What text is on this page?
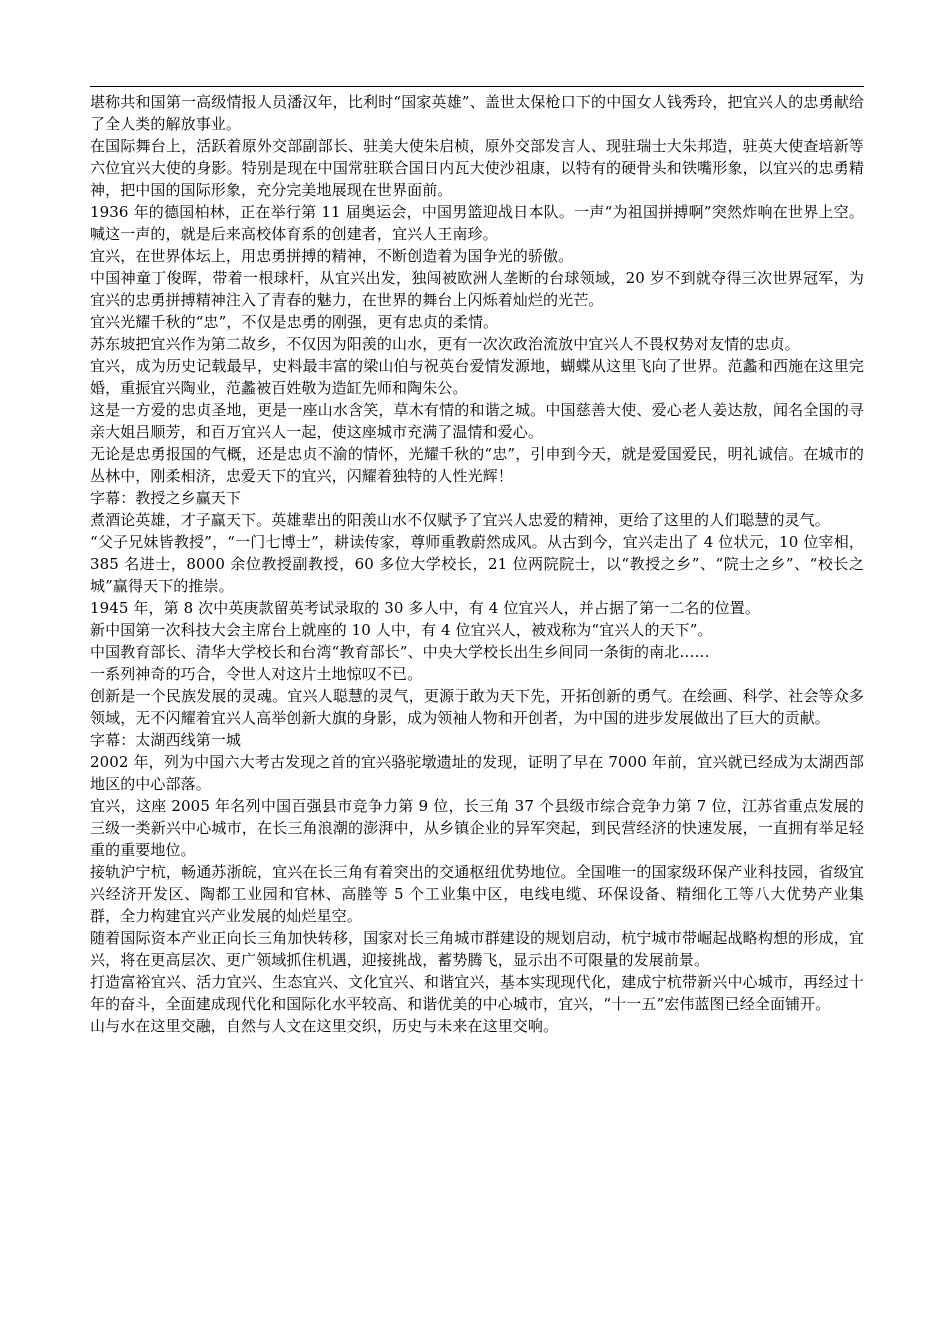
堪称共和国第一高级情报人员潘汉年，比利时“国家英雄”、盖世太保枪口下的中国女人钱秀玲，把宜兴人的忠勇献给了全人类的解放事业。

在国际舞台上，活跃着原外交部副部长、驻美大使朱启桢，原外交部发言人、现驻瑞士大朱邦造，驻英大使查培新等六位宜兴大使的身影。特别是现在中国常驻联合国日内瓦大使沙祖康，以特有的硬骨头和铁嘴形象，以宜兴的忠勇精神，把中国的国际形象，充分完美地展现在世界面前。

1936 年的德国柏林，正在举行第 11 届奥运会，中国男篮迎战日本队。一声“为祖国拼搏啊”突然炸响在世界上空。喊这一声的，就是后来高校体育系的创建者，宜兴人王南珍。

宜兴，在世界体坛上，用忠勇拼搏的精神，不断创造着为国争光的骄傲。

中国神童丁俊晖，带着一根球杆，从宜兴出发，独闯被欧洲人垄断的台球领域，20 岁不到就夺得三次世界冠军，为宜兴的忠勇拼搏精神注入了青春的魅力，在世界的舞台上闪烁着灿烂的光芒。

宜兴光耀千秋的“忠”，不仅是忠勇的刚强，更有忠贞的柔情。

苏东坡把宜兴作为第二故乡，不仅因为阳羡的山水，更有一次次政治流放中宜兴人不畏权势对友情的忠贞。

宜兴，成为历史记载最早，史料最丰富的梁山伯与祝英台爱情发源地，蝴蝶从这里飞向了世界。范蠡和西施在这里完婚，重振宜兴陶业，范蠡被百姓敬为造缸先师和陶朱公。

这是一方爱的忠贞圣地，更是一座山水含笑，草木有情的和谐之城。中国慈善大使、爱心老人姜达敖，闻名全国的寻亲大姐吕顺芳，和百万宜兴人一起，使这座城市充满了温情和爱心。

无论是忠勇报国的气概，还是忠贞不渝的情怀，光耀千秋的“忠”，引申到今天，就是爱国爱民，明礼诚信。在城市的丛林中，刚柔相济，忠爱天下的宜兴，闪耀着独特的人性光辉！

字幕：教授之乡赢天下

煮酒论英雄，才子赢天下。英雄辈出的阳羡山水不仅赋予了宜兴人忠爱的精神，更给了这里的人们聪慧的灵气。

“父子兄妹皆教授”，“一门七博士”，耕读传家，尊师重教蔚然成风。从古到今，宜兴走出了 4 位状元，10 位宰相，385 名进士，8000 余位教授副教授，60 多位大学校长，21 位两院院士，以“教授之乡”、“院士之乡”、“校长之城”赢得天下的推崇。

1945 年，第 8 次中英庚款留英考试录取的 30 多人中，有 4 位宜兴人，并占据了第一二名的位置。

新中国第一次科技大会主席台上就座的 10 人中，有 4 位宜兴人，被戏称为“宜兴人的天下”。

中国教育部长、清华大学校长和台湾“教育部长”、中央大学校长出生乡间同一条街的南北……

一系列神奇的巧合，令世人对这片土地惊叹不已。

创新是一个民族发展的灵魂。宜兴人聪慧的灵气，更源于敢为天下先，开拓创新的勇气。在绘画、科学、社会等众多领域，无不闪耀着宜兴人高举创新大旗的身影，成为领袖人物和开创者，为中国的进步发展做出了巨大的贡献。

字幕：太湖西线第一城

2002 年，列为中国六大考古发现之首的宜兴骆驼墩遗址的发现，证明了早在 7000 年前，宜兴就已经成为太湖西部地区的中心部落。

宜兴，这座 2005 年名列中国百强县市竞争力第 9 位，长三角 37 个县级市综合竞争力第 7 位，江苏省重点发展的三级一类新兴中心城市，在长三角浪潮的澎湃中，从乡镇企业的异军突起，到民营经济的快速发展，一直拥有举足轻重的重要地位。

接轨沪宁杭，畅通苏浙皖，宜兴在长三角有着突出的交通枢纽优势地位。全国唯一的国家级环保产业科技园，省级宜兴经济开发区、陶都工业园和官林、高塍等 5 个工业集中区，电线电缆、环保设备、精细化工等八大优势产业集群，全力构建宜兴产业发展的灿烂星空。

随着国际资本产业正向长三角加快转移，国家对长三角城市群建设的规划启动，杭宁城市带崛起战略构想的形成，宜兴，将在更高层次、更广领域抓住机遇，迎接挑战，蓄势腾飞，显示出不可限量的发展前景。

打造富裕宜兴、活力宜兴、生态宜兴、文化宜兴、和谐宜兴，基本实现现代化，建成宁杭带新兴中心城市，再经过十年的奋斗，全面建成现代化和国际化水平较高、和谐优美的中心城市，宜兴，“十一五”宏伟蓝图已经全面铺开。

山与水在这里交融，自然与人文在这里交织，历史与未来在这里交响。
